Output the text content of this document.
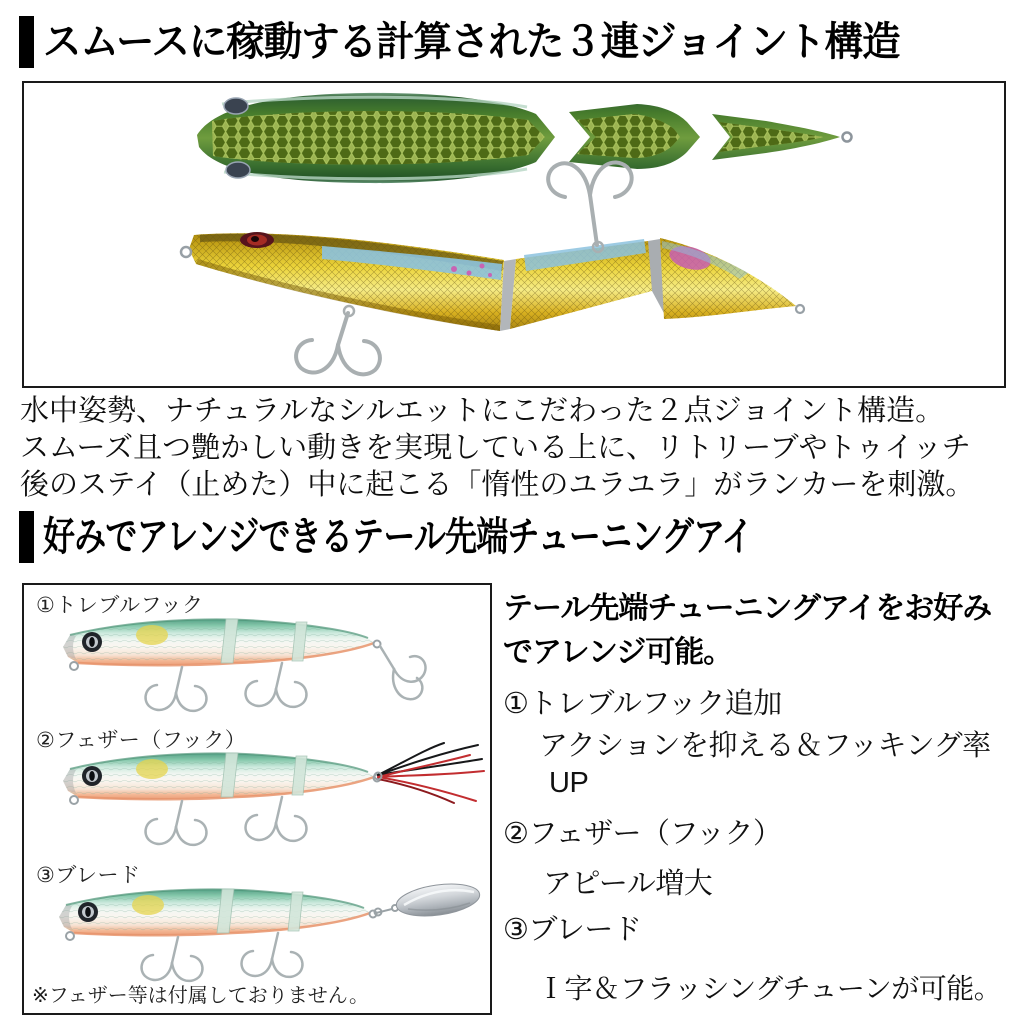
スムースに稼動する計算された３連ジョイント構造
水中姿勢、ナチュラルなシルエットにこだわった２点ジョイント構造。
スムーズ且つ艶かしい動きを実現している上に、リトリーブやトゥイッチ
後のステイ（止めた）中に起こる「惰性のユラユラ」がランカーを刺激。
好みでアレンジできるテール先端チューニングアイ
①トレブルフック
②フェザー（フック）
③ブレード
※フェザー等は付属しておりません。
テール先端チューニングアイをお好み
でアレンジ可能。
①トレブルフック追加
アクションを抑える＆フッキング率
UP
②フェザー（フック）
アピール増大
③ブレード
Ｉ字＆フラッシングチューンが可能。
